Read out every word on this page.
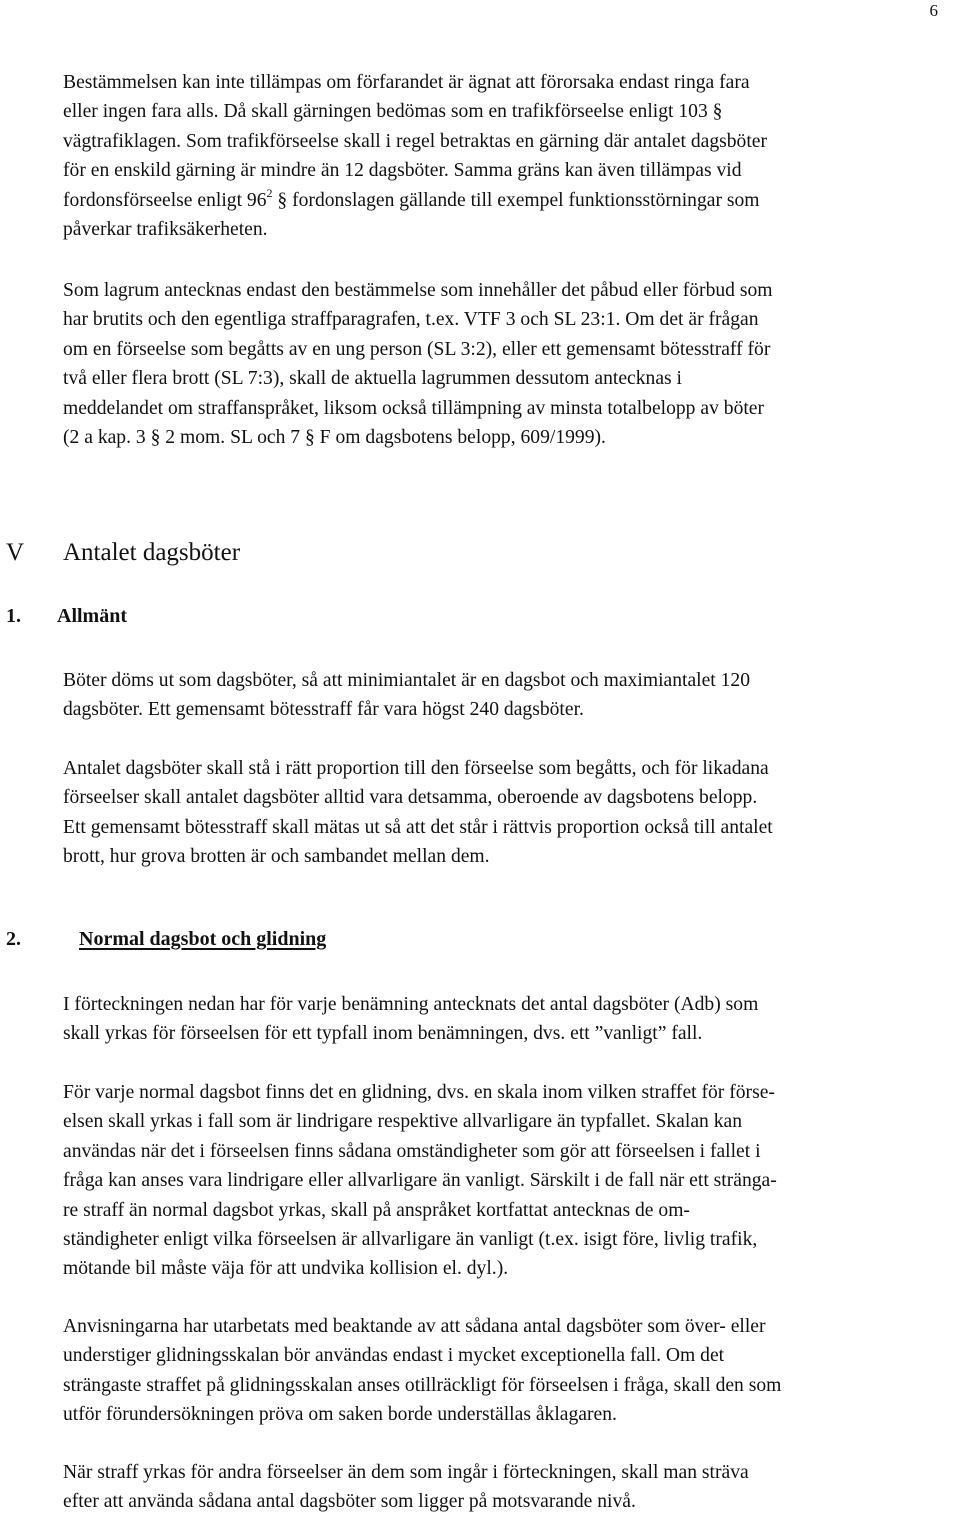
6
Bestämmelsen kan inte tillämpas om förfarandet är ägnat att förorsaka endast ringa fara
eller ingen fara alls. Då skall gärningen bedömas som en trafikförseelse enligt 103 §
vägtrafiklagen. Som trafikförseelse skall i regel betraktas en gärning där antalet dagsböter
för en enskild gärning är mindre än 12 dagsböter. Samma gräns kan även tillämpas vid
fordonsförseelse enligt $96^2$ § fordonslagen gällande till exempel funktionsstörningar som
påverkar trafiksäkerheten.
Som lagrum antecknas endast den bestämmelse som innehåller det påbud eller förbud som
har brutits och den egentliga straffparagrafen, t.ex. VTF 3 och SL 23:1. Om det är frågan
om en förseelse som begåtts av en ung person (SL 3:2), eller ett gemensamt bötesstraff för
två eller flera brott (SL 7:3), skall de aktuella lagrummen dessutom antecknas i
meddelandet om straffanspråket, liksom också tillämpning av minsta totalbelopp av böter
(2 a kap. 3 § 2 mom. SL och 7 § F om dagsbotens belopp, 609/1999).
V Antalet dagsböter
1. Allmänt
Böter döms ut som dagsböter, så att minimiantalet är en dagsbot och maximiantalet 120
dagsböter. Ett gemensamt bötesstraff får vara högst 240 dagsböter.
Antalet dagsböter skall stå i rätt proportion till den förseelse som begåtts, och för likadana
förseelser skall antalet dagsböter alltid vara detsamma, oberoende av dagsbotens belopp.
Ett gemensamt bötesstraff skall mätas ut så att det står i rättvis proportion också till antalet
brott, hur grova brotten är och sambandet mellan dem.
2.	Normal dagsbot och glidning
I förteckningen nedan har för varje benämning antecknats det antal dagsböter (Adb) som
skall yrkas för förseelsen för ett typfall inom benämningen, dvs. ett ”vanligt” fall.
För varje normal dagsbot finns det en glidning, dvs. en skala inom vilken straffet för förse-
elsen skall yrkas i fall som är lindrigare respektive allvarligare än typfallet. Skalan kan
användas när det i förseelsen finns sådana omständigheter som gör att förseelsen i fallet i
fråga kan anses vara lindrigare eller allvarligare än vanligt. Särskilt i de fall när ett stränga-
re straff än normal dagsbot yrkas, skall på anspråket kortfattat antecknas de om-
ständigheter enligt vilka förseelsen är allvarligare än vanligt (t.ex. isigt före, livlig trafik,
mötande bil måste väja för att undvika kollision el. dyl.).
Anvisningarna har utarbetats med beaktande av att sådana antal dagsböter som över- eller
understiger glidningsskalan bör användas endast i mycket exceptionella fall. Om det
strängaste straffet på glidningsskalan anses otillräckligt för förseelsen i fråga, skall den som
utför förundersökningen pröva om saken borde underställas åklagaren.
När straff yrkas för andra förseelser än dem som ingår i förteckningen, skall man sträva
efter att använda sådana antal dagsböter som ligger på motsvarande nivå.
